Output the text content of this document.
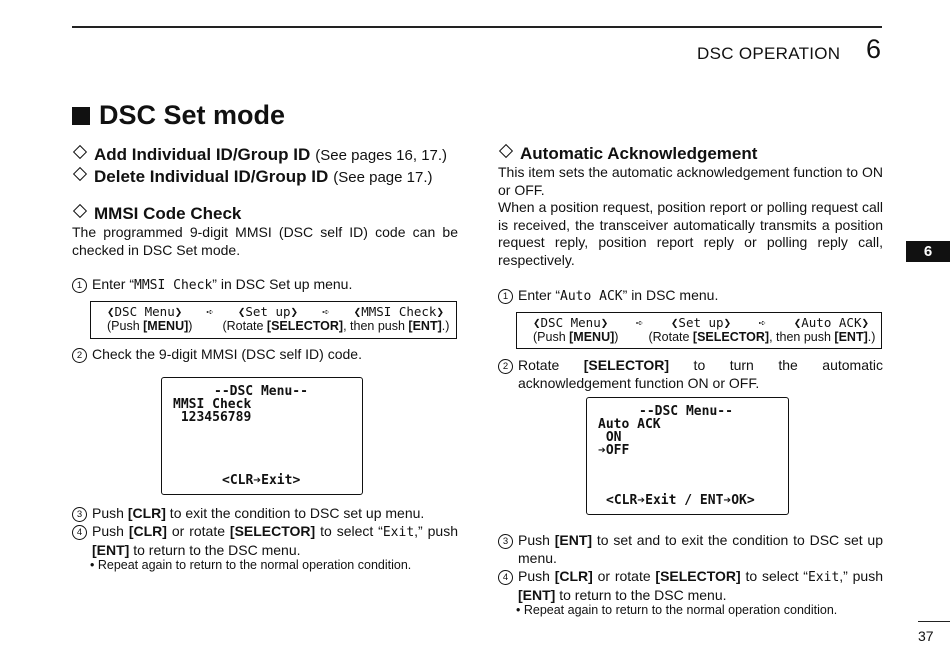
DSC OPERATION 6
6
37
DSC Set mode
Add Individual ID/Group ID (See pages 16, 17.)
Delete Individual ID/Group ID (See page 17.)
MMSI Code Check
The programmed 9-digit MMSI (DSC self ID) code can be checked in DSC Set mode.
1 Enter “MMSI Check” in DSC Set up menu.
❮DSC Menu❯ ➪ ❮Set up❯ ➪ ❮MMSI Check❯
(Push [MENU]) (Rotate [SELECTOR], then push [ENT].)
2 Check the 9-digit MMSI (DSC self ID) code.
--DSC Menu--
MMSI Check
123456789
<CLR➔Exit>
3 Push [CLR] to exit the condition to DSC set up menu.
4 Push [CLR] or rotate [SELECTOR] to select “Exit,” push [ENT] to return to the DSC menu.
• Repeat again to return to the normal operation condition.
Automatic Acknowledgement
This item sets the automatic acknowledgement function to ON or OFF.
When a position request, position report or polling request call is received, the transceiver automatically transmits a position request reply, position report reply or polling reply call, respectively.
1 Enter “Auto ACK” in DSC menu.
❮DSC Menu❯ ➪ ❮Set up❯ ➪ ❮Auto ACK❯
(Push [MENU]) (Rotate [SELECTOR], then push [ENT].)
2 Rotate [SELECTOR] to turn the automatic acknowledgement function ON or OFF.
--DSC Menu--
Auto ACK
ON
➔OFF
<CLR➔Exit / ENT➔OK>
3 Push [ENT] to set and to exit the condition to DSC set up menu.
4 Push [CLR] or rotate [SELECTOR] to select “Exit,” push [ENT] to return to the DSC menu.
• Repeat again to return to the normal operation condition.
